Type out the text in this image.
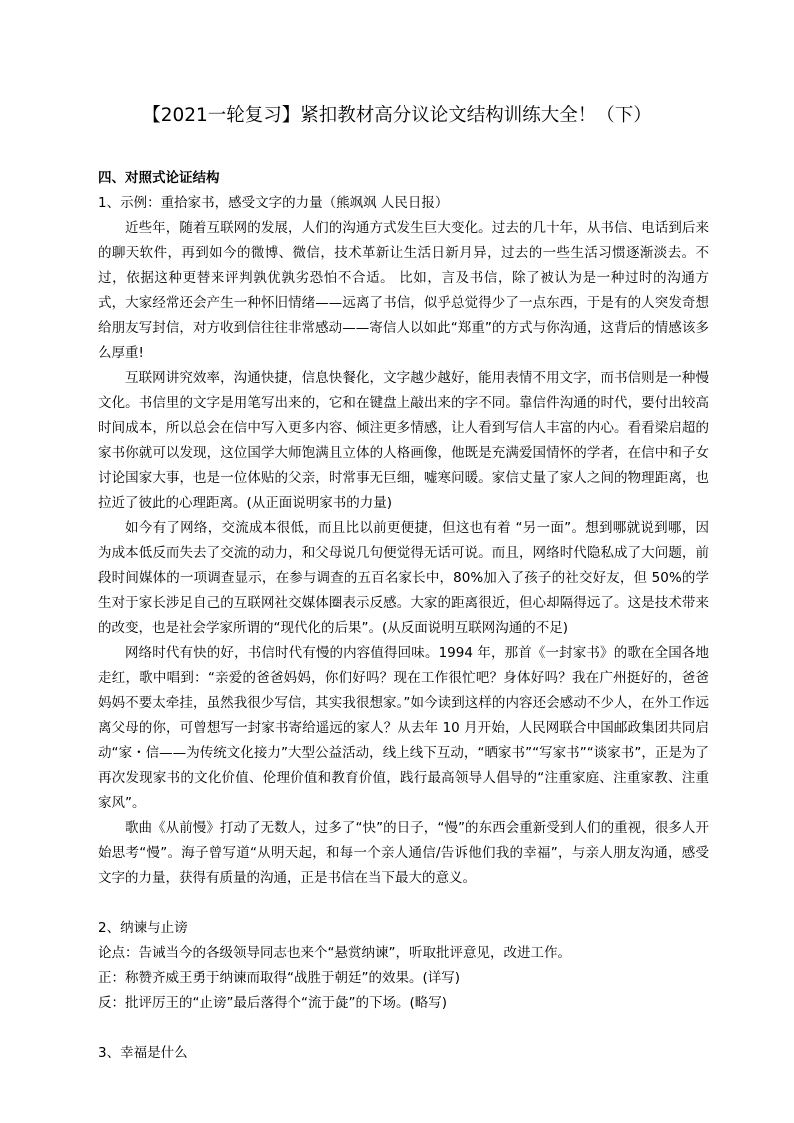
【2021一轮复习】紧扣教材高分议论文结构训练大全！（下）

四、对照式论证结构

1、示例：重拾家书，感受文字的力量（熊飒飒 人民日报）

近些年，随着互联网的发展，人们的沟通方式发生巨大变化。过去的几十年，从书信、电话到后来的聊天软件，再到如今的微博、微信，技术革新让生活日新月异，过去的一些生活习惯逐渐淡去。不过，依据这种更替来评判孰优孰劣恐怕不合适。 比如，言及书信，除了被认为是一种过时的沟通方式，大家经常还会产生一种怀旧情绪——远离了书信，似乎总觉得少了一点东西，于是有的人突发奇想给朋友写封信，对方收到信往往非常感动——寄信人以如此“郑重”的方式与你沟通，这背后的情感该多么厚重!

互联网讲究效率，沟通快捷，信息快餐化，文字越少越好，能用表情不用文字，而书信则是一种慢文化。书信里的文字是用笔写出来的，它和在键盘上敲出来的字不同。靠信件沟通的时代，要付出较高时间成本，所以总会在信中写入更多内容、倾注更多情感，让人看到写信人丰富的内心。看看梁启超的家书你就可以发现，这位国学大师饱满且立体的人格画像，他既是充满爱国情怀的学者，在信中和子女讨论国家大事，也是一位体贴的父亲，时常事无巨细，嘘寒问暖。家信丈量了家人之间的物理距离，也拉近了彼此的心理距离。(从正面说明家书的力量)

如今有了网络，交流成本很低，而且比以前更便捷，但这也有着 “另一面”。想到哪就说到哪，因为成本低反而失去了交流的动力，和父母说几句便觉得无话可说。而且，网络时代隐私成了大问题，前段时间媒体的一项调查显示，在参与调查的五百名家长中，80%加入了孩子的社交好友，但 50%的学生对于家长涉足自己的互联网社交媒体圈表示反感。大家的距离很近，但心却隔得远了。这是技术带来的改变，也是社会学家所谓的“现代化的后果”。(从反面说明互联网沟通的不足)

网络时代有快的好，书信时代有慢的内容值得回味。1994 年，那首《一封家书》的歌在全国各地走红，歌中唱到：“亲爱的爸爸妈妈，你们好吗？现在工作很忙吧？身体好吗？我在广州挺好的，爸爸妈妈不要太牵挂，虽然我很少写信，其实我很想家。”如今读到这样的内容还会感动不少人，在外工作远离父母的你，可曾想写一封家书寄给遥远的家人？从去年 10 月开始，人民网联合中国邮政集团共同启动“家・信——为传统文化接力”大型公益活动，线上线下互动，“晒家书”“写家书”“谈家书”，正是为了再次发现家书的文化价值、伦理价值和教育价值，践行最高领导人倡导的“注重家庭、注重家教、注重家风”。

歌曲《从前慢》打动了无数人，过多了“快”的日子，“慢”的东西会重新受到人们的重视，很多人开始思考“慢”。海子曾写道“从明天起，和每一个亲人通信/告诉他们我的幸福”，与亲人朋友沟通，感受文字的力量，获得有质量的沟通，正是书信在当下最大的意义。

2、纳谏与止谤

论点：告诫当今的各级领导同志也来个“悬赏纳谏”，听取批评意见，改进工作。

正：称赞齐威王勇于纳谏而取得“战胜于朝廷”的效果。(详写)

反：批评厉王的“止谤”最后落得个“流于彘”的下场。(略写)

3、幸福是什么
